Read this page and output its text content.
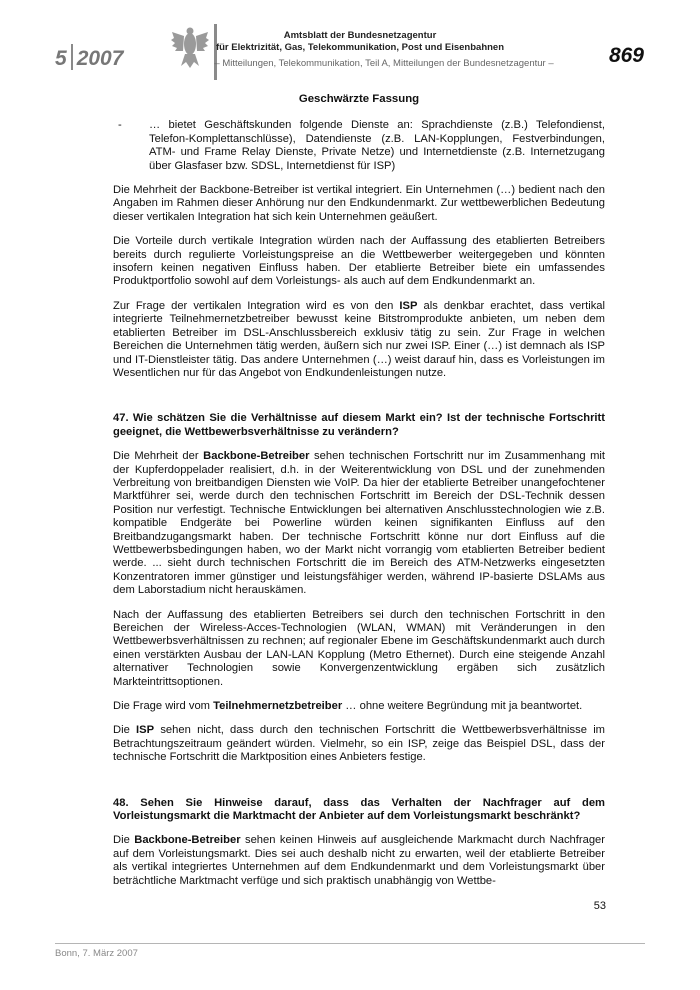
5 2007
Amtsblatt der Bundesnetzagentur
für Elektrizität, Gas, Telekommunikation, Post und Eisenbahnen
– Mitteilungen, Telekommunikation, Teil A, Mitteilungen der Bundesnetzagentur –	869
Geschwärzte Fassung
-	… bietet Geschäftskunden folgende Dienste an: Sprachdienste (z.B.) Telefondienst, Telefon-Komplettanschlüsse), Datendienste (z.B. LAN-Kopplungen, Festverbindungen, ATM- und Frame Relay Dienste, Private Netze) und Internetdienste (z.B. Internetzugang über Glasfaser bzw. SDSL, Internetdienst für ISP)

Die Mehrheit der Backbone-Betreiber ist vertikal integriert. Ein Unternehmen (…) bedient nach den Angaben im Rahmen dieser Anhörung nur den Endkundenmarkt. Zur wettbewerblichen Bedeutung dieser vertikalen Integration hat sich kein Unternehmen geäußert.

Die Vorteile durch vertikale Integration würden nach der Auffassung des etablierten Betreibers bereits durch regulierte Vorleistungspreise an die Wettbewerber weitergegeben und könnten insofern keinen negativen Einfluss haben. Der etablierte Betreiber biete ein umfassendes Produktportfolio sowohl auf dem Vorleistungs- als auch auf dem Endkundenmarkt an.

Zur Frage der vertikalen Integration wird es von den ISP als denkbar erachtet, dass vertikal integrierte Teilnehmernetzbetreiber bewusst keine Bitstromprodukte anbieten, um neben dem etablierten Betreiber im DSL-Anschlussbereich exklusiv tätig zu sein. Zur Frage in welchen Bereichen die Unternehmen tätig werden, äußern sich nur zwei ISP. Einer (…) ist demnach als ISP und IT-Dienstleister tätig. Das andere Unternehmen (…) weist darauf hin, dass es Vorleistungen im Wesentlichen nur für das Angebot von Endkundenleistungen nutze.

47. Wie schätzen Sie die Verhältnisse auf diesem Markt ein? Ist der technische Fortschritt geeignet, die Wettbewerbsverhältnisse zu verändern?

Die Mehrheit der Backbone-Betreiber sehen technischen Fortschritt nur im Zusammenhang mit der Kupferdoppelader realisiert, d.h. in der Weiterentwicklung von DSL und der zunehmenden Verbreitung von breitbandigen Diensten wie VoIP. Da hier der etablierte Betreiber unangefochtener Marktführer sei, werde durch den technischen Fortschritt im Bereich der DSL-Technik dessen Position nur verfestigt. Technische Entwicklungen bei alternativen Anschlusstechnologien wie z.B. kompatible Endgeräte bei Powerline würden keinen signifikanten Einfluss auf den Breitbandzugangsmarkt haben. Der technische Fortschritt könne nur dort Einfluss auf die Wettbewerbsbedingungen haben, wo der Markt nicht vorrangig vom etablierten Betreiber bedient werde. ... sieht durch technischen Fortschritt die im Bereich des ATM-Netzwerks eingesetzten Konzentratoren immer günstiger und leistungsfähiger werden, während IP-basierte DSLAMs aus dem Laborstadium nicht herauskämen.

Nach der Auffassung des etablierten Betreibers sei durch den technischen Fortschritt in den Bereichen der Wireless-Acces-Technologien (WLAN, WMAN) mit Veränderungen in den Wettbewerbsverhältnissen zu rechnen; auf regionaler Ebene im Geschäftskundenmarkt auch durch einen verstärkten Ausbau der LAN-LAN Kopplung (Metro Ethernet). Durch eine steigende Anzahl alternativer Technologien sowie Konvergenzentwicklung ergäben sich zusätzlich Markteintrittsoptionen.

Die Frage wird vom Teilnehmernetzbetreiber … ohne weitere Begründung mit ja beantwortet.

Die ISP sehen nicht, dass durch den technischen Fortschritt die Wettbewerbsverhältnisse im Betrachtungszeitraum geändert würden. Vielmehr, so ein ISP, zeige das Beispiel DSL, dass der technische Fortschritt die Marktposition eines Anbieters festige.

48. Sehen Sie Hinweise darauf, dass das Verhalten der Nachfrager auf dem Vorleistungsmarkt die Marktmacht der Anbieter auf dem Vorleistungsmarkt beschränkt?

Die Backbone-Betreiber sehen keinen Hinweis auf ausgleichende Markmacht durch Nachfrager auf dem Vorleistungsmarkt. Dies sei auch deshalb nicht zu erwarten, weil der etablierte Betreiber als vertikal integriertes Unternehmen auf dem Endkundenmarkt und dem Vorleistungsmarkt über beträchtliche Marktmacht verfüge und sich praktisch unabhängig von Wettbe-

53
Bonn, 7. März 2007
